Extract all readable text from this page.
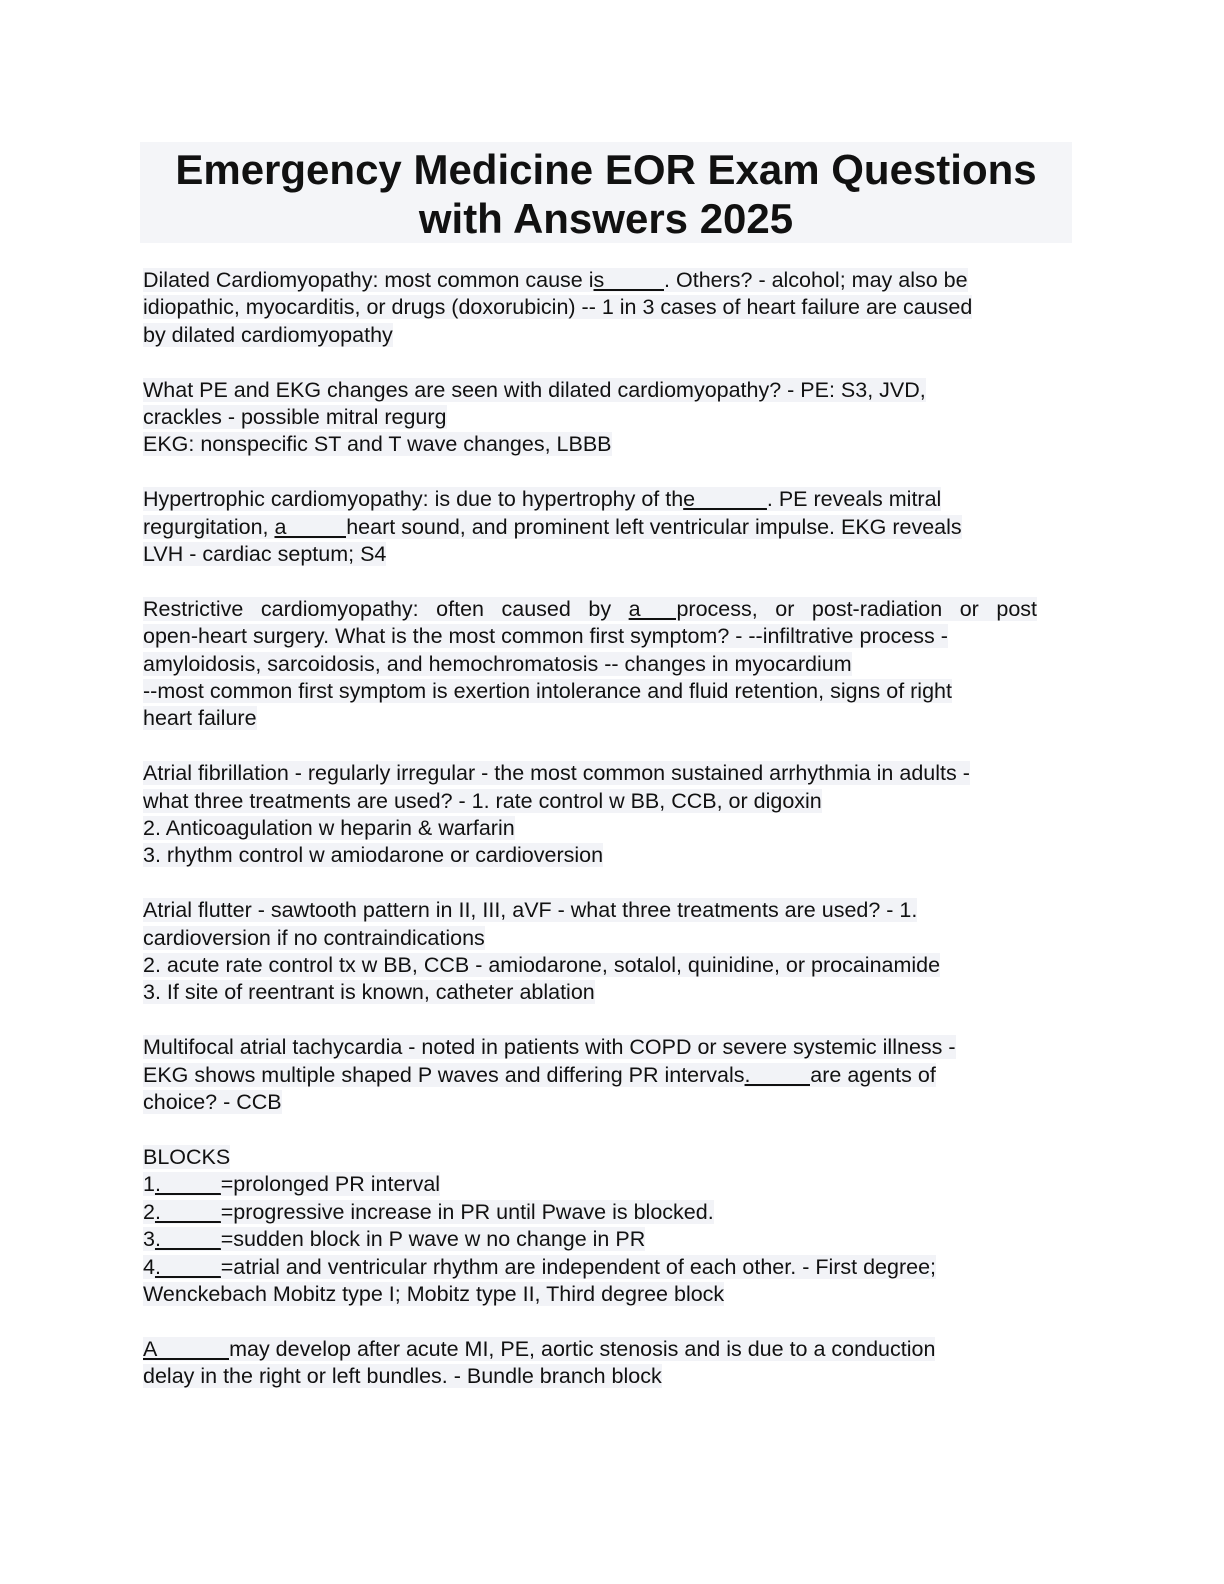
Emergency Medicine EOR Exam Questions
with Answers 2025
Dilated Cardiomyopathy: most common cause is_____. Others? - alcohol; may also be
idiopathic, myocarditis, or drugs (doxorubicin) -- 1 in 3 cases of heart failure are caused
by dilated cardiomyopathy
What PE and EKG changes are seen with dilated cardiomyopathy? - PE: S3, JVD,
crackles - possible mitral regurg
EKG: nonspecific ST and T wave changes, LBBB
Hypertrophic cardiomyopathy: is due to hypertrophy of the______. PE reveals mitral
regurgitation, a_____heart sound, and prominent left ventricular impulse. EKG reveals
LVH - cardiac septum; S4
Restrictive cardiomyopathy: often caused by a___process, or post-radiation or post
open-heart surgery. What is the most common first symptom? - --infiltrative process -
amyloidosis, sarcoidosis, and hemochromatosis -- changes in myocardium
--most common first symptom is exertion intolerance and fluid retention, signs of right
heart failure
Atrial fibrillation - regularly irregular - the most common sustained arrhythmia in adults -
what three treatments are used? - 1. rate control w BB, CCB, or digoxin
2. Anticoagulation w heparin & warfarin
3. rhythm control w amiodarone or cardioversion
Atrial flutter - sawtooth pattern in II, III, aVF - what three treatments are used? - 1.
cardioversion if no contraindications
2. acute rate control tx w BB, CCB - amiodarone, sotalol, quinidine, or procainamide
3. If site of reentrant is known, catheter ablation
Multifocal atrial tachycardia - noted in patients with COPD or severe systemic illness -
EKG shows multiple shaped P waves and differing PR intervals._____are agents of
choice? - CCB
BLOCKS
1._____=prolonged PR interval
2._____=progressive increase in PR until Pwave is blocked.
3._____=sudden block in P wave w no change in PR
4._____=atrial and ventricular rhythm are independent of each other. - First degree;
Wenckebach Mobitz type I; Mobitz type II, Third degree block
A______may develop after acute MI, PE, aortic stenosis and is due to a conduction
delay in the right or left bundles. - Bundle branch block
